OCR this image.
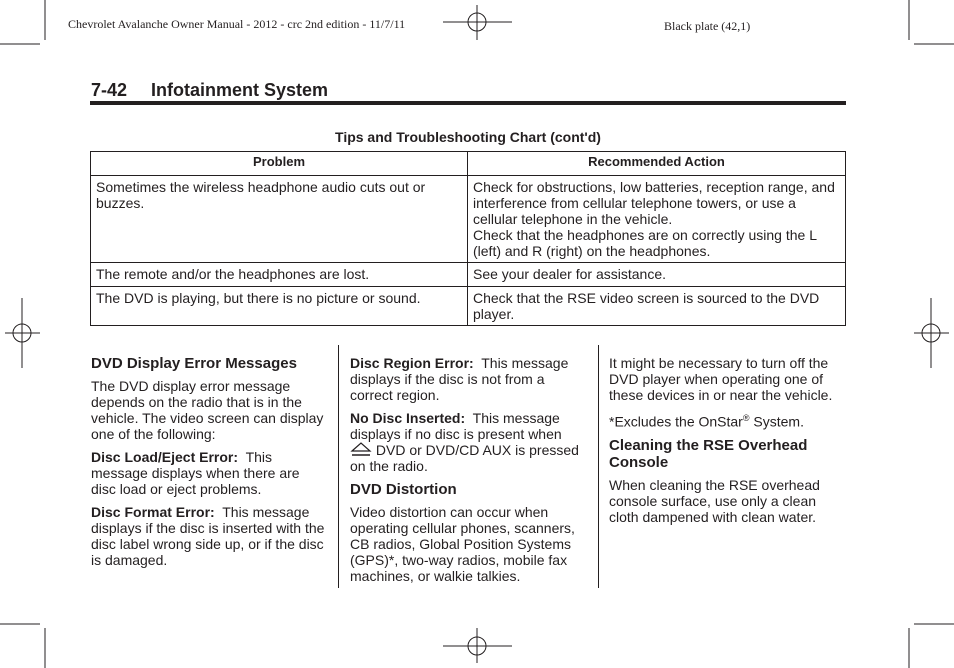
Chevrolet Avalanche Owner Manual - 2012 - crc 2nd edition - 11/7/11	Black plate (42,1)
7-42 Infotainment System
Tips and Troubleshooting Chart (cont'd)
Problem	Recommended Action
Sometimes the wireless headphone audio cuts out or buzzes.	Check for obstructions, low batteries, reception range, and interference from cellular telephone towers, or use a cellular telephone in the vehicle.
Check that the headphones are on correctly using the L (left) and R (right) on the headphones.

The remote and/or the headphones are lost.	See your dealer for assistance.
The DVD is playing, but there is no picture or sound.	Check that the RSE video screen is sourced to the DVD player.
DVD Display Error Messages

The DVD display error message depends on the radio that is in the vehicle. The video screen can display one of the following:

Disc Load/Eject Error: This message displays when there are disc load or eject problems.

Disc Format Error: This message displays if the disc is inserted with the disc label wrong side up, or if the disc is damaged.

Disc Region Error: This message displays if the disc is not from a correct region.

No Disc Inserted: This message displays if no disc is present when
DVD or DVD/CD AUX is pressed on the radio.

DVD Distortion

Video distortion can occur when operating cellular phones, scanners, CB radios, Global Position Systems (GPS)*, two-way radios, mobile fax machines, or walkie talkies.

It might be necessary to turn off the DVD player when operating one of these devices in or near the vehicle.

*Excludes the OnStar® System.

Cleaning the RSE Overhead Console

When cleaning the RSE overhead console surface, use only a clean cloth dampened with clean water.
